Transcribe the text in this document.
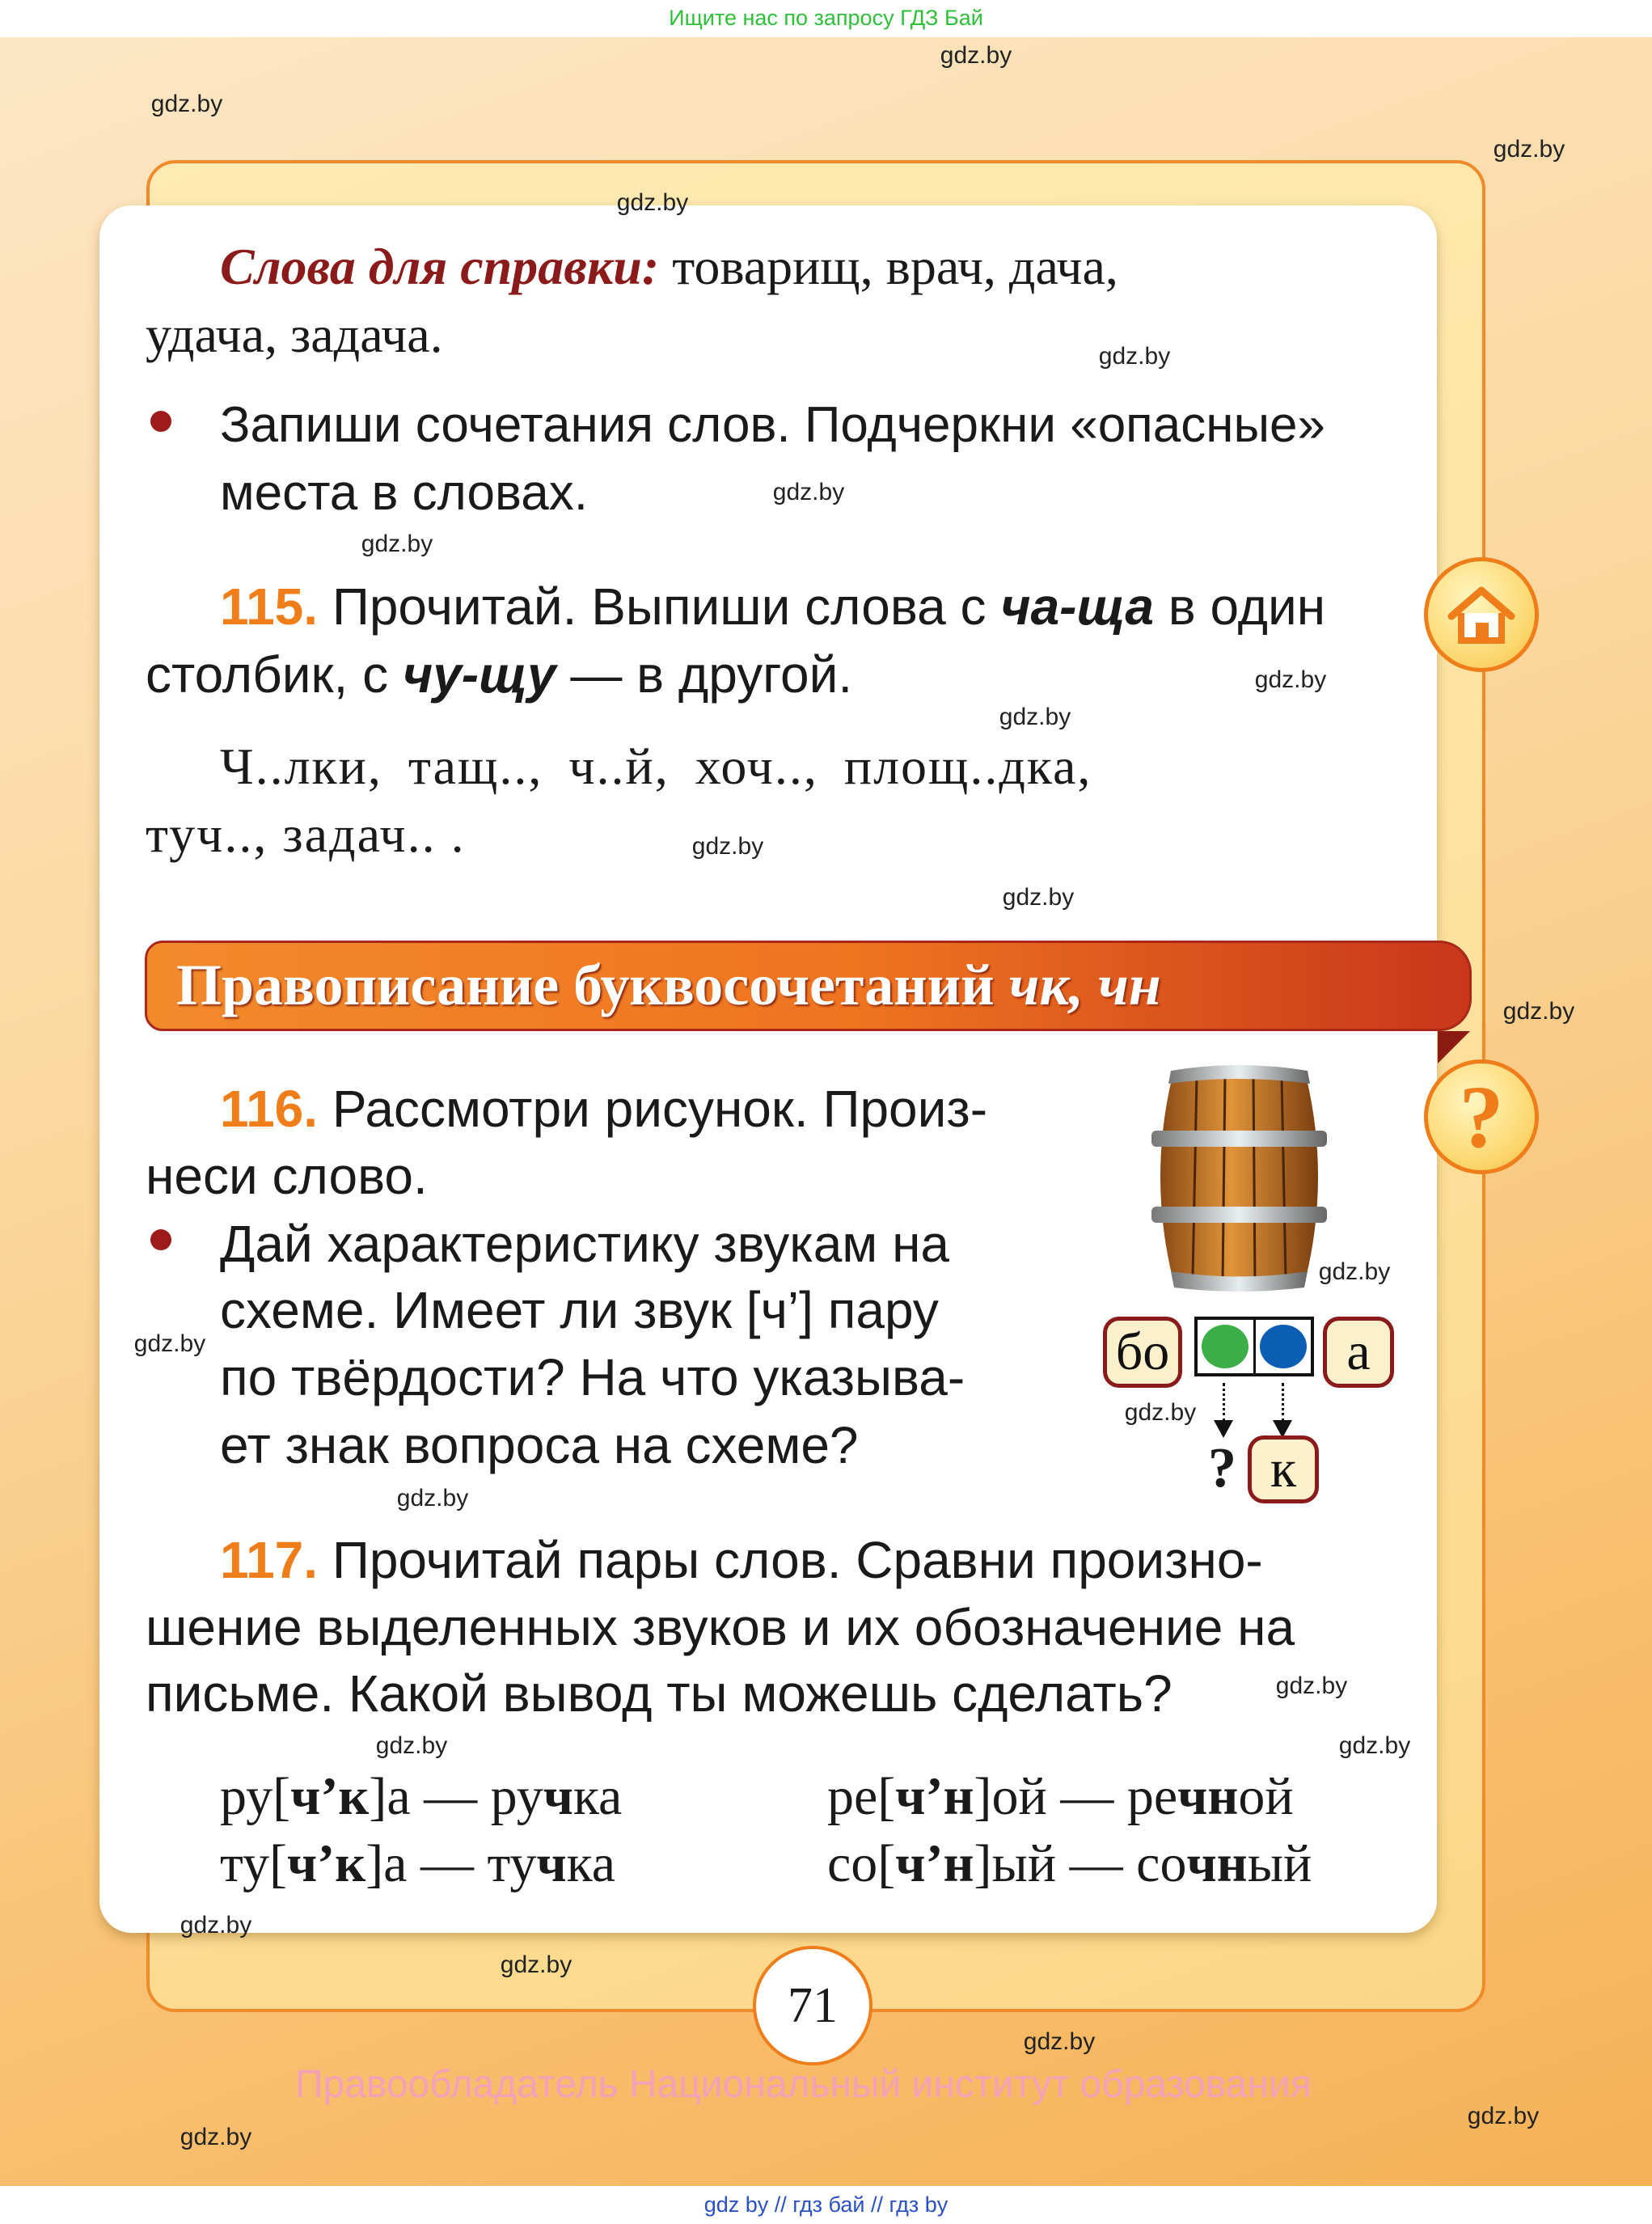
Ищите нас по запросу ГДЗ Бай
Слова для справки: товарищ, врач, дача,
удача, задача.
Запиши сочетания слов. Подчеркни «опасные»
места в словах.
115. Прочитай. Выпиши слова с ча-ща в один
столбик, с чу-щу — в другой.
Ч..лки, тащ.., ч..й, хоч.., площ..дка,
туч.., задач.. .
Правописание буквосочетаний чк, чн
?
116. Рассмотри рисунок. Произ-
неси слово.
Дай характеристику звукам на
схеме. Имеет ли звук [ч’] пару
по твёрдости? На что указыва-
ет знак вопроса на схеме?
бо	а
? к
117. Прочитай пары слов. Сравни произно-
шение выделенных звуков и их обозначение на
письме. Какой вывод ты можешь сделать?
ру[ч’к]а — ручка
ту[ч’к]а — тучка
ре[ч’н]ой — речной
со[ч’н]ый — сочный
71
Правообладатель Национальный институт образования
gdz.by
gdz.by
gdz.by
gdz.by
gdz.by
gdz.by
gdz.by
gdz.by
gdz.by
gdz.by
gdz.by
gdz.by
gdz.by
gdz.by
gdz.by
gdz.by
gdz.by
gdz.by	gdz.by
gdz.by
gdz.by
gdz.by
gdz.by
gdz.by
gdz by // гдз бай // гдз by
